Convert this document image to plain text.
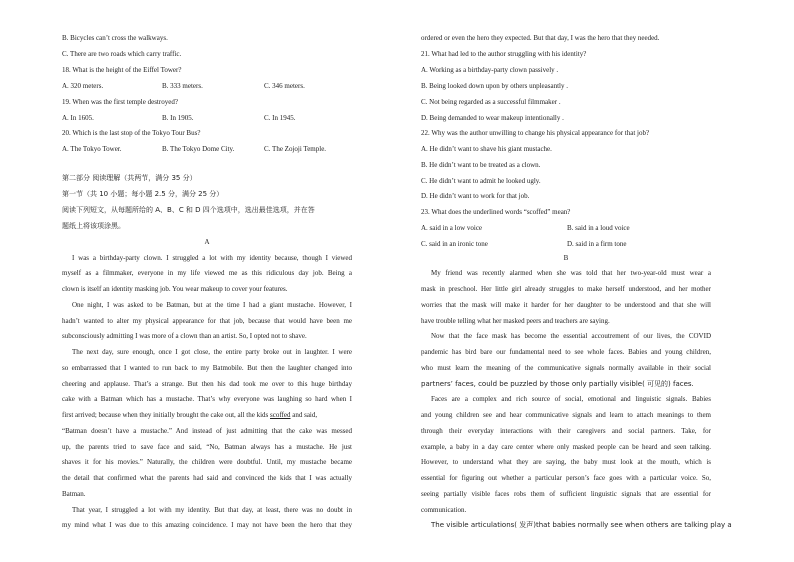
B. Bicycles can’t cross the walkways.
C. There are two roads which carry traffic.
18. What is the height of the Eiffel Tower?
A. 320 meters.	B. 333 meters.	C. 346 meters.
19. When was the first temple destroyed?
A. In 1605.	B. In 1905.	C. In 1945.
20. Which is the last stop of the Tokyo Tour Bus?
A. The Tokyo Tower.	B. The Tokyo Dome City.	C. The Zojoji Temple.
第二部分 阅读理解（共两节，满分 35 分）
第一节（共 10 小题；每小题 2.5 分，满分 25 分）
阅读下列短文，从每题所给的 A、B、C 和 D 四个选项中，选出最佳选项，并在答
题纸上将该项涂黑。
A
I was a birthday-party clown. I struggled a lot with my identity because, though I viewed
myself as a filmmaker, everyone in my life viewed me as this ridiculous day job. Being a
clown is itself an identity masking job. You wear makeup to cover your features.
One night, I was asked to be Batman, but at the time I had a giant mustache. However, I
hadn’t wanted to alter my physical appearance for that job, because that would have been me
subconsciously admitting I was more of a clown than an artist. So, I opted not to shave.
The next day, sure enough, once I got close, the entire party broke out in laughter. I were
so embarrassed that I wanted to run back to my Batmobile. But then the laughter changed into
cheering and applause. That’s a strange. But then his dad took me over to this huge birthday
cake with a Batman which has a mustache. That’s why everyone was laughing so hard when I
first arrived; because when they initially brought the cake out, all the kids scoffed and said,
“Batman doesn’t have a mustache.” And instead of just admitting that the cake was messed
up, the parents tried to save face and said, “No, Batman always has a mustache. He just
shaves it for his movies.” Naturally, the children were doubtful. Until, my mustache became
the detail that confirmed what the parents had said and convinced the kids that I was actually
Batman.
That year, I struggled a lot with my identity. But that day, at least, there was no doubt in
my mind what I was due to this amazing coincidence. I may not have been the hero that they
ordered or even the hero they expected. But that day, I was the hero that they needed.
21. What had led to the author struggling with his identity?
A. Working as a birthday-party clown passively .
B. Being looked down upon by others unpleasantly .
C. Not being regarded as a successful filmmaker .
D. Being demanded to wear makeup intentionally .
22. Why was the author unwilling to change his physical appearance for that job?
A. He didn’t want to shave his giant mustache.
B. He didn’t want to be treated as a clown.
C. He didn’t want to admit he looked ugly.
D. He didn’t want to work for that job.
23. What does the underlined words “scoffed” mean?
A. said in a low voice	B. said in a loud voice
C. said in an ironic tone	D. said in a firm tone
B
My friend was recently alarmed when she was told that her two-year-old must wear a
mask in preschool. Her little girl already struggles to make herself understood, and her mother
worries that the mask will make it harder for her daughter to be understood and that she will
have trouble telling what her masked peers and teachers are saying.
Now that the face mask has become the essential accoutrement of our lives, the COVID
pandemic has bird bare our fundamental need to see whole faces. Babies and young children,
who must learn the meaning of the communicative signals normally available in their social
partners’ faces, could be puzzled by those only partially visible( 可见的) faces.
Faces are a complex and rich source of social, emotional and linguistic signals. Babies
and young children see and hear communicative signals and learn to attach meanings to them
through their everyday interactions with their caregivers and social partners. Take, for
example, a baby in a day care center where only masked people can be heard and seen talking.
However, to understand what they are saying, the baby must look at the mouth, which is
essential for figuring out whether a particular person’s face goes with a particular voice. So,
seeing partially visible faces robs them of sufficient linguistic signals that are essential for
communication.
The visible articulations( 发声)that babies normally see when others are talking play a
